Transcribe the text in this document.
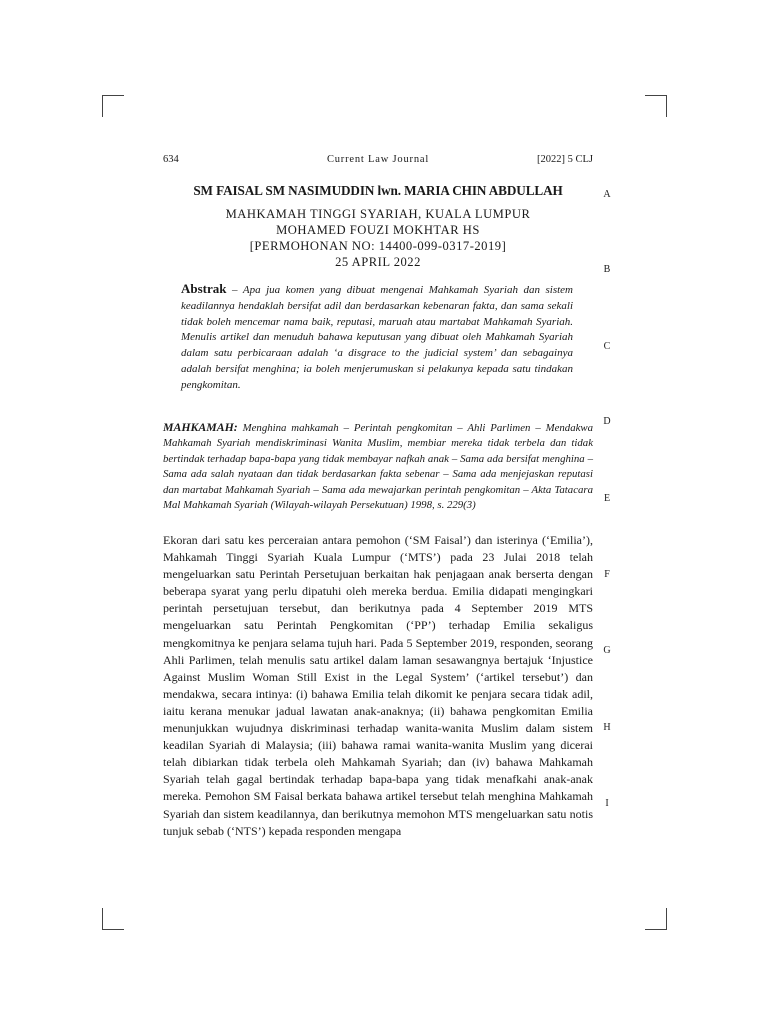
634	Current Law Journal	[2022] 5 CLJ
SM FAISAL SM NASIMUDDIN lwn. MARIA CHIN ABDULLAH
MAHKAMAH TINGGI SYARIAH, KUALA LUMPUR
MOHAMED FOUZI MOKHTAR HS
[PERMOHONAN NO: 14400-099-0317-2019]
25 APRIL 2022
Abstrak – Apa jua komen yang dibuat mengenai Mahkamah Syariah dan sistem keadilannya hendaklah bersifat adil dan berdasarkan kebenaran fakta, dan sama sekali tidak boleh mencemar nama baik, reputasi, maruah atau martabat Mahkamah Syariah. Menulis artikel dan menuduh bahawa keputusan yang dibuat oleh Mahkamah Syariah dalam satu perbicaraan adalah ‘a disgrace to the judicial system’ dan sebagainya adalah bersifat menghina; ia boleh menjerumuskan si pelakunya kepada satu tindakan pengkomitan.
MAHKAMAH: Menghina mahkamah – Perintah pengkomitan – Ahli Parlimen – Mendakwa Mahkamah Syariah mendiskriminasi Wanita Muslim, membiar mereka tidak terbela dan tidak bertindak terhadap bapa-bapa yang tidak membayar nafkah anak – Sama ada bersifat menghina – Sama ada salah nyataan dan tidak berdasarkan fakta sebenar – Sama ada menjejaskan reputasi dan martabat Mahkamah Syariah – Sama ada mewajarkan perintah pengkomitan – Akta Tatacara Mal Mahkamah Syariah (Wilayah-wilayah Persekutuan) 1998, s. 229(3)
Ekoran dari satu kes perceraian antara pemohon (‘SM Faisal’) dan isterinya (‘Emilia’), Mahkamah Tinggi Syariah Kuala Lumpur (‘MTS’) pada 23 Julai 2018 telah mengeluarkan satu Perintah Persetujuan berkaitan hak penjagaan anak berserta dengan beberapa syarat yang perlu dipatuhi oleh mereka berdua. Emilia didapati mengingkari perintah persetujuan tersebut, dan berikutnya pada 4 September 2019 MTS mengeluarkan satu Perintah Pengkomitan (‘PP’) terhadap Emilia sekaligus mengkomitnya ke penjara selama tujuh hari. Pada 5 September 2019, responden, seorang Ahli Parlimen, telah menulis satu artikel dalam laman sesawangnya bertajuk ‘Injustice Against Muslim Woman Still Exist in the Legal System’ (‘artikel tersebut’) dan mendakwa, secara intinya: (i) bahawa Emilia telah dikomit ke penjara secara tidak adil, iaitu kerana menukar jadual lawatan anak-anaknya; (ii) bahawa pengkomitan Emilia menunjukkan wujudnya diskriminasi terhadap wanita-wanita Muslim dalam sistem keadilan Syariah di Malaysia; (iii) bahawa ramai wanita-wanita Muslim yang dicerai telah dibiarkan tidak terbela oleh Mahkamah Syariah; dan (iv) bahawa Mahkamah Syariah telah gagal bertindak terhadap bapa-bapa yang tidak menafkahi anak-anak mereka. Pemohon SM Faisal berkata bahawa artikel tersebut telah menghina Mahkamah Syariah dan sistem keadilannya, dan berikutnya memohon MTS mengeluarkan satu notis tunjuk sebab (‘NTS’) kepada responden mengapa
A
B
C
D
E
F
G
H
I
